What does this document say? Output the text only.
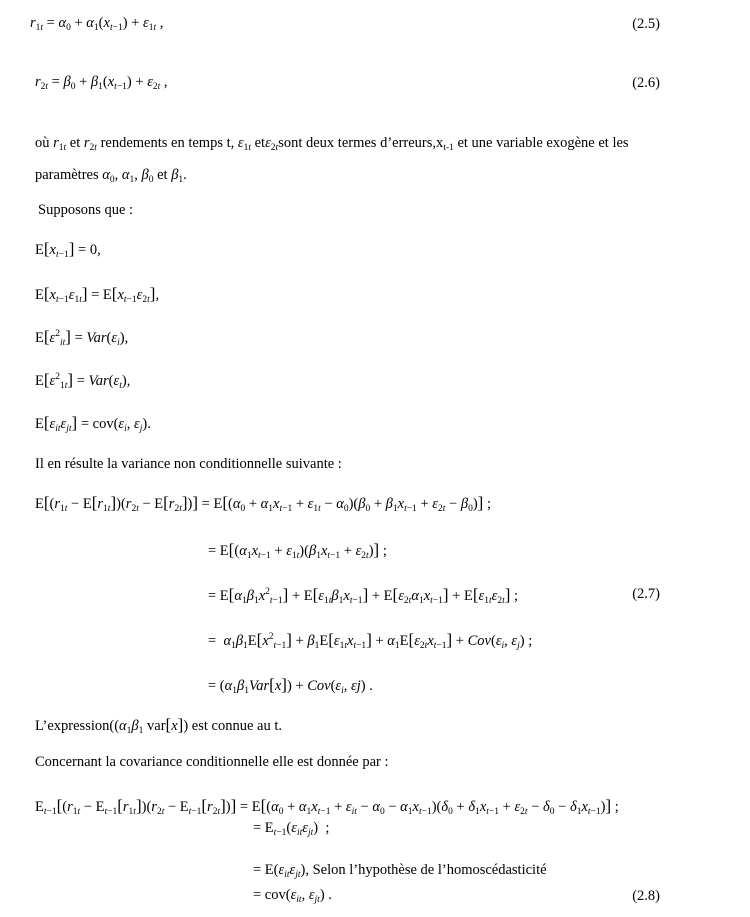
$r_{1t} = \alpha_0 + \alpha_1(x_{t-1}) + \varepsilon_{1t}$ ,	(2.5)
$r_{2t} = \beta_0 + \beta_1(x_{t-1}) + \varepsilon_{2t}$ ,	(2.6)
où $r_{1t}$ et $r_{2t}$ rendements en temps t, $\varepsilon_{1t}$ etε$_{2t}$sont deux termes $d’erreurs,x_{t-1}$ et une variable exogène et les
paramètres $\alpha_0$, $\alpha_1$, $\beta_0$ et $\beta_1$.
Supposons que :
$E[x_{t-1}] = 0$,
$E[x_{t-1}\varepsilon_{1t}] = E[x_{t-1}\varepsilon_{2t}]$,
$E[\varepsilon^2_{it}] = Var(\varepsilon_i)$,
$E[\varepsilon^2_{1t}] = Var(\varepsilon_t)$,
$E[\varepsilon_{it}\varepsilon_{jt}] = cov(\varepsilon_i$, $\varepsilon_j$).
Il en résulte la variance non conditionnelle suivante :
$E[(r_{1t} - E[r_{1t}])(r_{2t} - E[r_{2t}])] = E[(\alpha_0 + \alpha_1x_{t-1} + \varepsilon_{1t} - \alpha_0)(\beta_0 + \beta_1x_{t-1} + \varepsilon_{2t} - \beta_0)]$ ;
= $E[(\alpha_1x_{t-1} + \varepsilon_{1t})(\beta_1x_{t-1} + \varepsilon_{2t})]$ ;
= $E[\alpha_1\beta_1x^2_{t-1}] + E[\varepsilon_{1t}\beta_1x_{t-1}] + E[\varepsilon_{2t}\alpha_1x_{t-1}] + E[\varepsilon_{1t}\varepsilon_{2t}]$ ;	(2.7)
=  $\alpha_1\beta_1E[x^2_{t-1}] + \beta_1E[\varepsilon_{1t}x_{t-1}] + \alpha_1E[\varepsilon_{2t}x_{t-1}] + Cov(\varepsilon_i$, $\varepsilon_j$) ;
= $(\alpha_1\beta_1Var[x]) + Cov(\varepsilon_i$, εj) .
$L’expression((\alpha_1\beta_1$ var[x]) est connue au t.
Concernant la covariance conditionnelle elle est donnée par :
$E_{t-1}[(r_{1t} - E_{t-1}[r_{1t}])(r_{2t} - E_{t-1}[r_{2t}])] = E[(\alpha_0 + \alpha_1x_{t-1} + \varepsilon_{it} - \alpha_0 - \alpha_1x_{t-1})(\delta_0 + \delta_1x_{t-1} + \varepsilon_{2t} - \delta_0 - \delta_1x_{t-1})]$ ;
= $E_{t-1}(\varepsilon_{it}\varepsilon_{jt})$  ;
= $E(\varepsilon_{it}\varepsilon_{jt})$, Selon l’hypothèse de l’homoscédasticité
= $cov(\varepsilon_{it}$, $\varepsilon_{jt}$) .	(2.8)
